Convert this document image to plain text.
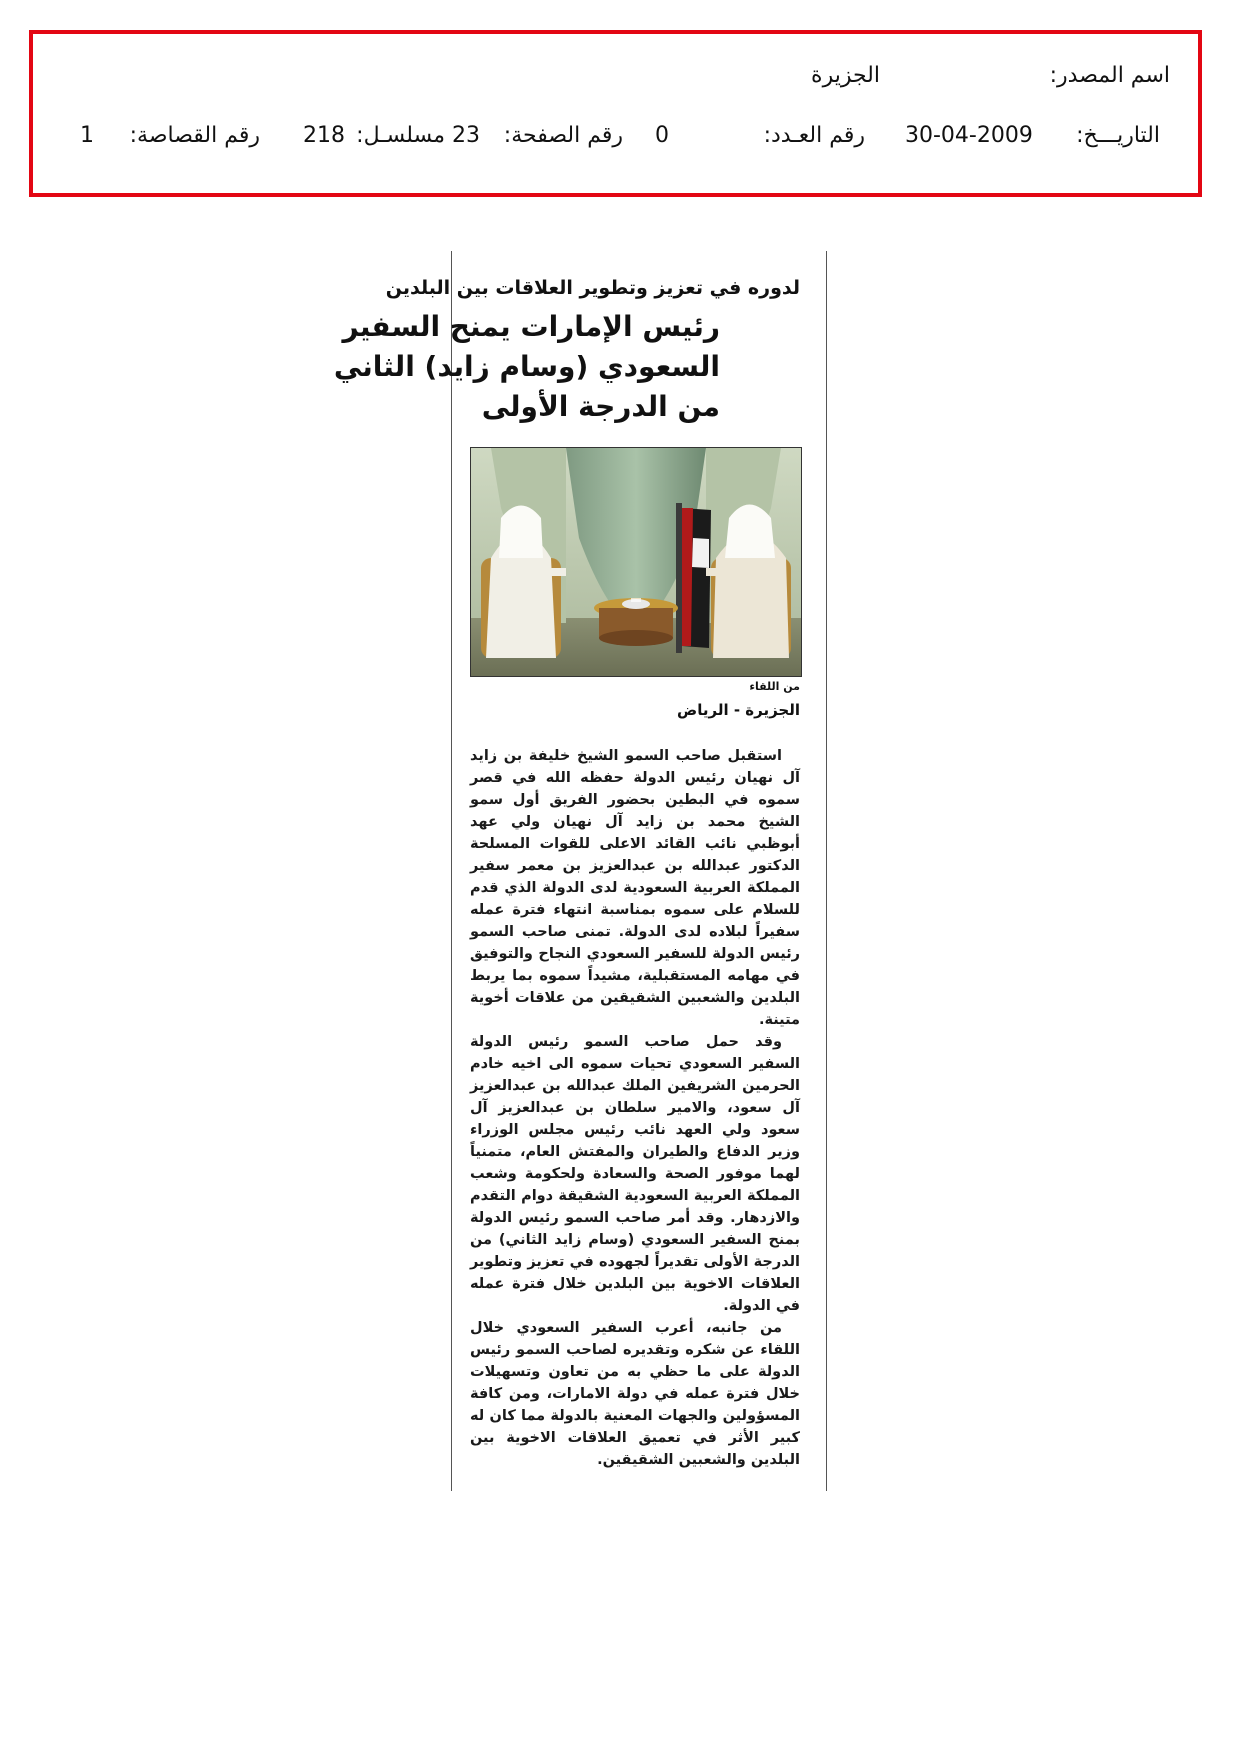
اسم المصدر:
الجزيرة
التاريـــخ:
30-04-2009
رقم العـدد:
0
رقم الصفحة:
23
مسلسـل:
218
رقم القصاصة:
1
لدوره في تعزيز وتطوير العلاقات بين البلدين
رئيس الإمارات يمنح السفير
السعودي (وسام زايد) الثاني
من الدرجة الأولى
من اللقاء
الجزيرة - الرياض

استقبل صاحب السمو الشيخ خليفة بن زايد آل نهيان رئيس الدولة حفظه الله في قصر سموه في البطين بحضور الفريق أول سمو الشيخ محمد بن زايد آل نهيان ولي عهد أبوظبي نائب القائد الاعلى للقوات المسلحة الدكتور عبدالله بن عبدالعزيز بن معمر سفير المملكة العربية السعودية لدى الدولة الذي قدم للسلام على سموه بمناسبة انتهاء فترة عمله سفيراً لبلاده لدى الدولة. تمنى صاحب السمو رئيس الدولة للسفير السعودي النجاح والتوفيق في مهامه المستقبلية، مشيداً سموه بما يربط البلدين والشعبين الشقيقين من علاقات أخوية متينة.

وقد حمل صاحب السمو رئيس الدولة السفير السعودي تحيات سموه الى اخيه خادم الحرمين الشريفين الملك عبدالله بن عبدالعزيز آل سعود، والامير سلطان بن عبدالعزيز آل سعود ولي العهد نائب رئيس مجلس الوزراء وزير الدفاع والطيران والمفتش العام، متمنياً لهما موفور الصحة والسعادة ولحكومة وشعب المملكة العربية السعودية الشقيقة دوام التقدم والازدهار. وقد أمر صاحب السمو رئيس الدولة بمنح السفير السعودي (وسام زايد الثاني) من الدرجة الأولى تقديراً لجهوده في تعزيز وتطوير العلاقات الاخوية بين البلدين خلال فترة عمله في الدولة.

من جانبه، أعرب السفير السعودي خلال اللقاء عن شكره وتقديره لصاحب السمو رئيس الدولة على ما حظي به من تعاون وتسهيلات خلال فترة عمله في دولة الامارات، ومن كافة المسؤولين والجهات المعنية بالدولة مما كان له كبير الأثر في تعميق العلاقات الاخوية بين البلدين والشعبين الشقيقين.
